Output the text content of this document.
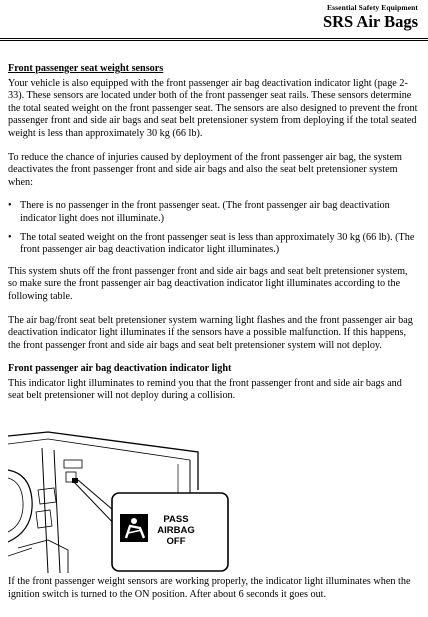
Essential Safety Equipment
SRS Air Bags
Front passenger seat weight sensors

Your vehicle is also equipped with the front passenger air bag deactivation indicator light (page 2-33). These sensors are located under both of the front passenger seat rails. These sensors determine the total seated weight on the front passenger seat. The sensors are also designed to prevent the front passenger front and side air bags and seat belt pretensioner system from deploying if the total seated weight is less than approximately 30 kg (66 lb).

To reduce the chance of injuries caused by deployment of the front passenger air bag, the system deactivates the front passenger front and side air bags and also the seat belt pretensioner system when:

• There is no passenger in the front passenger seat. (The front passenger air bag deactivation indicator light does not illuminate.)
• The total seated weight on the front passenger seat is less than approximately 30 kg (66 lb). (The front passenger air bag deactivation indicator light illuminates.)

This system shuts off the front passenger front and side air bags and seat belt pretensioner system, so make sure the front passenger air bag deactivation indicator light illuminates according to the following table.

The air bag/front seat belt pretensioner system warning light flashes and the front passenger air bag deactivation indicator light illuminates if the sensors have a possible malfunction. If this happens, the front passenger front and side air bags and seat belt pretensioner system will not deploy.

Front passenger air bag deactivation indicator light

This indicator light illuminates to remind you that the front passenger front and side air bags and seat belt pretensioner will not deploy during a collision.

PASS
AIRBAG
OFF

If the front passenger weight sensors are working properly, the indicator light illuminates when the ignition switch is turned to the ON position. After about 6 seconds it goes out.
